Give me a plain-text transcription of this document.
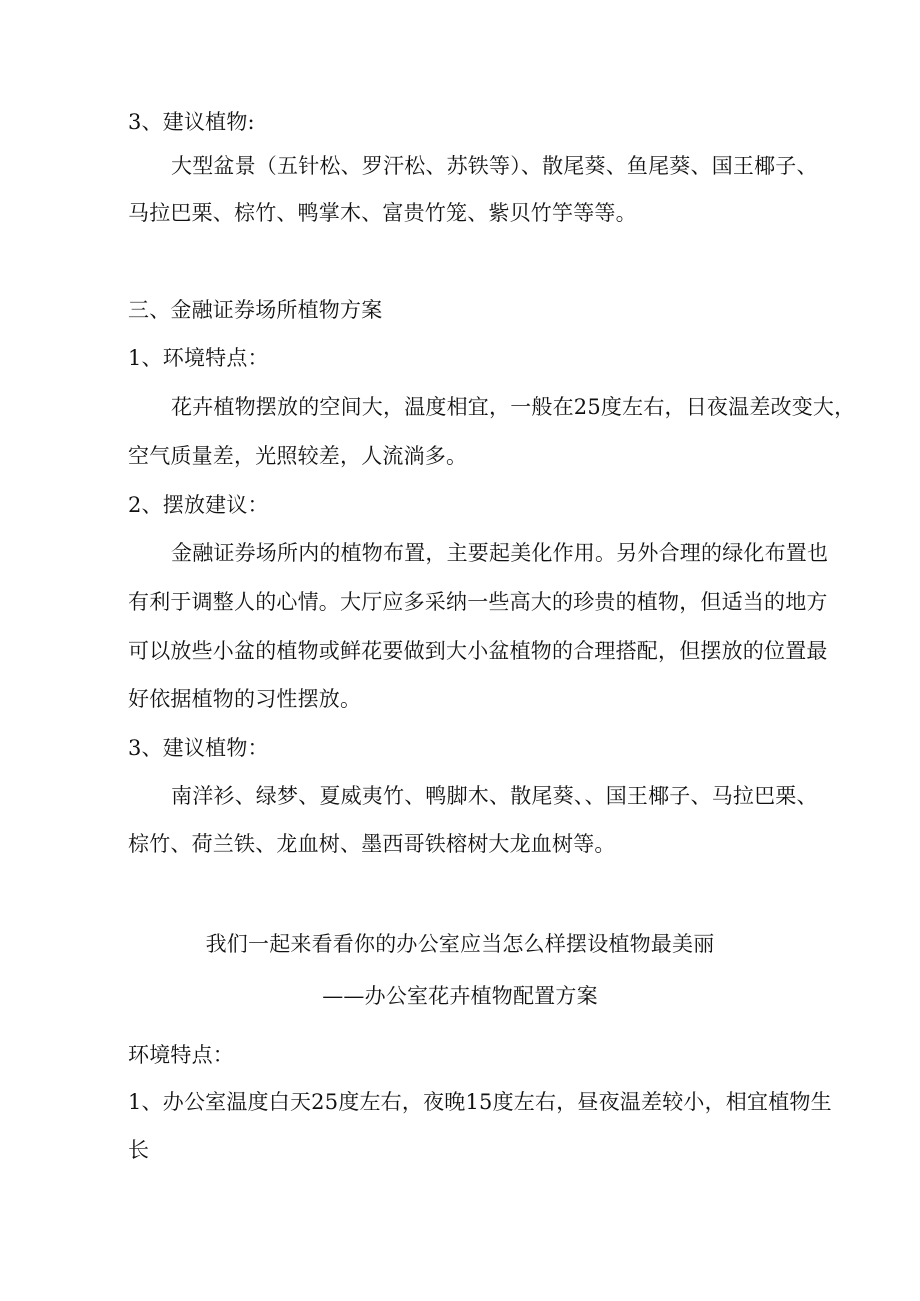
3、建议植物:
大型盆景（五针松、罗汗松、苏铁等）、散尾葵、鱼尾葵、国王椰子、
马拉巴栗、棕竹、鸭掌木、富贵竹笼、紫贝竹竽等等。
三、金融证券场所植物方案
1、环境特点：
花卉植物摆放的空间大，温度相宜，一般在25度左右，日夜温差改变大，
空气质量差，光照较差，人流淌多。
2、摆放建议：
金融证券场所内的植物布置，主要起美化作用。另外合理的绿化布置也
有利于调整人的心情。大厅应多采纳一些高大的珍贵的植物，但适当的地方
可以放些小盆的植物或鲜花要做到大小盆植物的合理搭配，但摆放的位置最
好依据植物的习性摆放。
3、建议植物：
南洋衫、绿梦、夏威夷竹、鸭脚木、散尾葵、、国王椰子、马拉巴栗、
棕竹、荷兰铁、龙血树、墨西哥铁榕树大龙血树等。
我们一起来看看你的办公室应当怎么样摆设植物最美丽
——办公室花卉植物配置方案
环境特点：
1、办公室温度白天25度左右，夜晚15度左右，昼夜温差较小，相宜植物生
长
